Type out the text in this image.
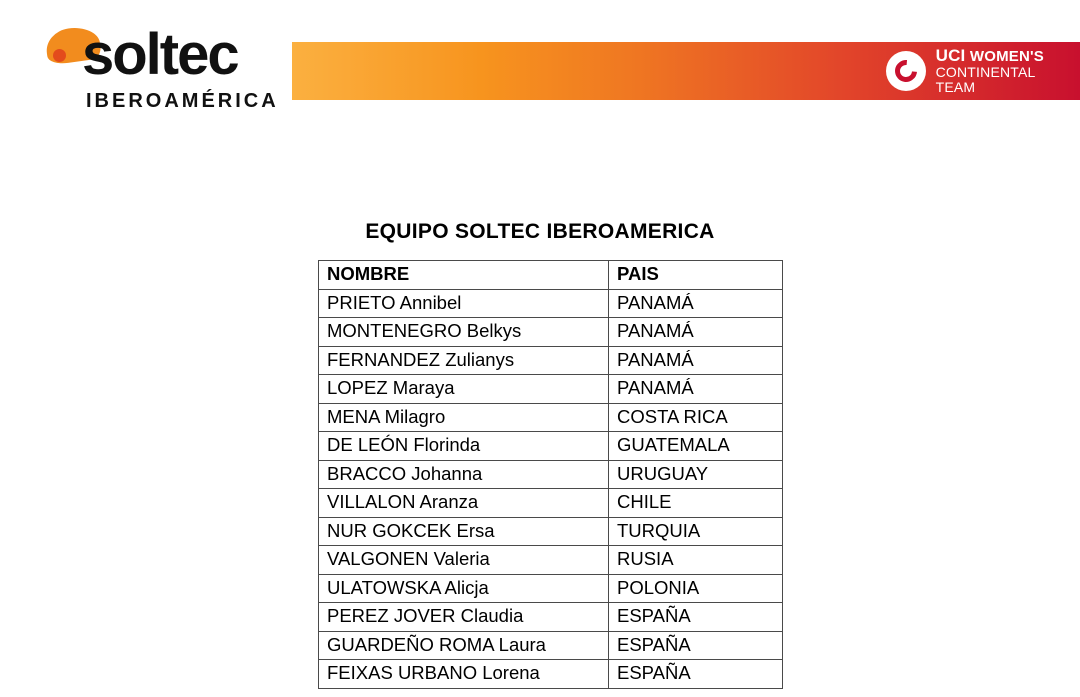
soltec
IBEROAMÉRICA
UCI WOMEN'S
CONTINENTAL
TEAM
EQUIPO SOLTEC IBEROAMERICA
NOMBRE	PAIS
PRIETO Annibel	PANAMÁ
MONTENEGRO Belkys	PANAMÁ
FERNANDEZ Zulianys	PANAMÁ
LOPEZ Maraya	PANAMÁ
MENA Milagro	COSTA RICA
DE LEÓN Florinda	GUATEMALA
BRACCO Johanna	URUGUAY
VILLALON Aranza	CHILE
NUR GOKCEK Ersa	TURQUIA
VALGONEN Valeria	RUSIA
ULATOWSKA Alicja	POLONIA
PEREZ JOVER Claudia	ESPAÑA
GUARDEÑO ROMA Laura	ESPAÑA
FEIXAS URBANO Lorena	ESPAÑA
